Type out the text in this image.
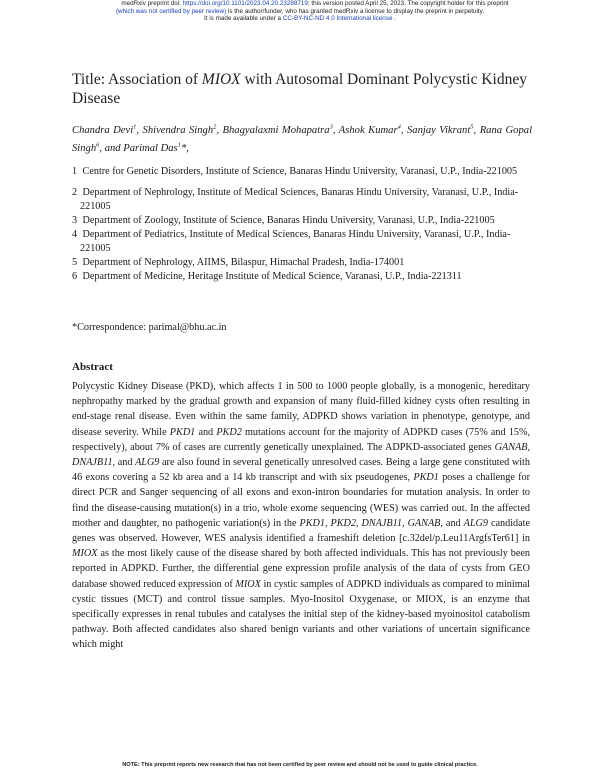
medRxiv preprint doi: https://doi.org/10.1101/2023.04.20.23288719; this version posted April 25, 2023. The copyright holder for this preprint
(which was not certified by peer review) is the author/funder, who has granted medRxiv a license to display the preprint in perpetuity.
It is made available under a CC-BY-NC-ND 4.0 International license .
Title: Association of MIOX with Autosomal Dominant Polycystic Kidney Disease
Chandra Devi$^1$, Shivendra Singh$^2$, Bhagyalaxmi Mohapatra$^3$, Ashok Kumar$^4$, Sanjay Vikrant$^5$, Rana Gopal Singh$^6$, and Parimal Das$^1$*,
1 Centre for Genetic Disorders, Institute of Science, Banaras Hindu University, Varanasi, U.P., India-221005
2 Department of Nephrology, Institute of Medical Sciences, Banaras Hindu University, Varanasi, U.P., India-221005
3 Department of Zoology, Institute of Science, Banaras Hindu University, Varanasi, U.P., India-221005
4 Department of Pediatrics, Institute of Medical Sciences, Banaras Hindu University, Varanasi, U.P., India-221005
5 Department of Nephrology, AIIMS, Bilaspur, Himachal Pradesh, India-174001
6 Department of Medicine, Heritage Institute of Medical Science, Varanasi, U.P., India-221311
*Correspondence: parimal@bhu.ac.in
Abstract
Polycystic Kidney Disease (PKD), which affects 1 in 500 to 1000 people globally, is a monogenic, hereditary nephropathy marked by the gradual growth and expansion of many fluid-filled kidney cysts often resulting in end-stage renal disease. Even within the same family, ADPKD shows variation in phenotype, genotype, and disease severity. While PKD1 and PKD2 mutations account for the majority of ADPKD cases (75% and 15%, respectively), about 7% of cases are currently genetically unexplained. The ADPKD-associated genes GANAB, DNAJB11, and ALG9 are also found in several genetically unresolved cases. Being a large gene constituted with 46 exons covering a 52 kb area and a 14 kb transcript and with six pseudogenes, PKD1 poses a challenge for direct PCR and Sanger sequencing of all exons and exon-intron boundaries for mutation analysis. In order to find the disease-causing mutation(s) in a trio, whole exome sequencing (WES) was carried out. In the affected mother and daughter, no pathogenic variation(s) in the PKD1, PKD2, DNAJB11, GANAB, and ALG9 candidate genes was observed. However, WES analysis identified a frameshift deletion [c.32del/p.Leu11ArgfsTer61] in MIOX as the most likely cause of the disease shared by both affected individuals. This has not previously been reported in ADPKD. Further, the differential gene expression profile analysis of the data of cysts from GEO database showed reduced expression of MIOX in cystic samples of ADPKD individuals as compared to minimal cystic tissues (MCT) and control tissue samples. Myo-Inositol Oxygenase, or MIOX, is an enzyme that specifically expresses in renal tubules and catalyses the initial step of the kidney-based myoinositol catabolism pathway. Both affected candidates also shared benign variants and other variations of uncertain significance which might
NOTE: This preprint reports new research that has not been certified by peer review and should not be used to guide clinical practice.
